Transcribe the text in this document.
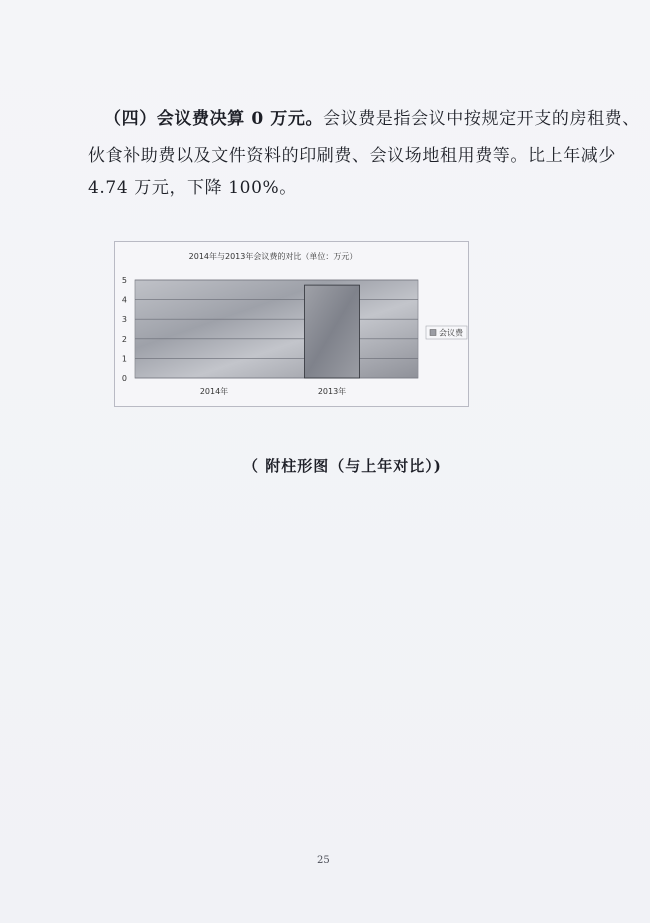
（四）会议费决算 0 万元。会议费是指会议中按规定开支的房租费、
伙食补助费以及文件资料的印刷费、会议场地租用费等。比上年减少
4.74 万元，下降 100%。
2014年与2013年会议费的对比（单位：万元）
0
1
2
3
4
5
2014年	2013年
会议费
（ 附柱形图（与上年对比）)
25
